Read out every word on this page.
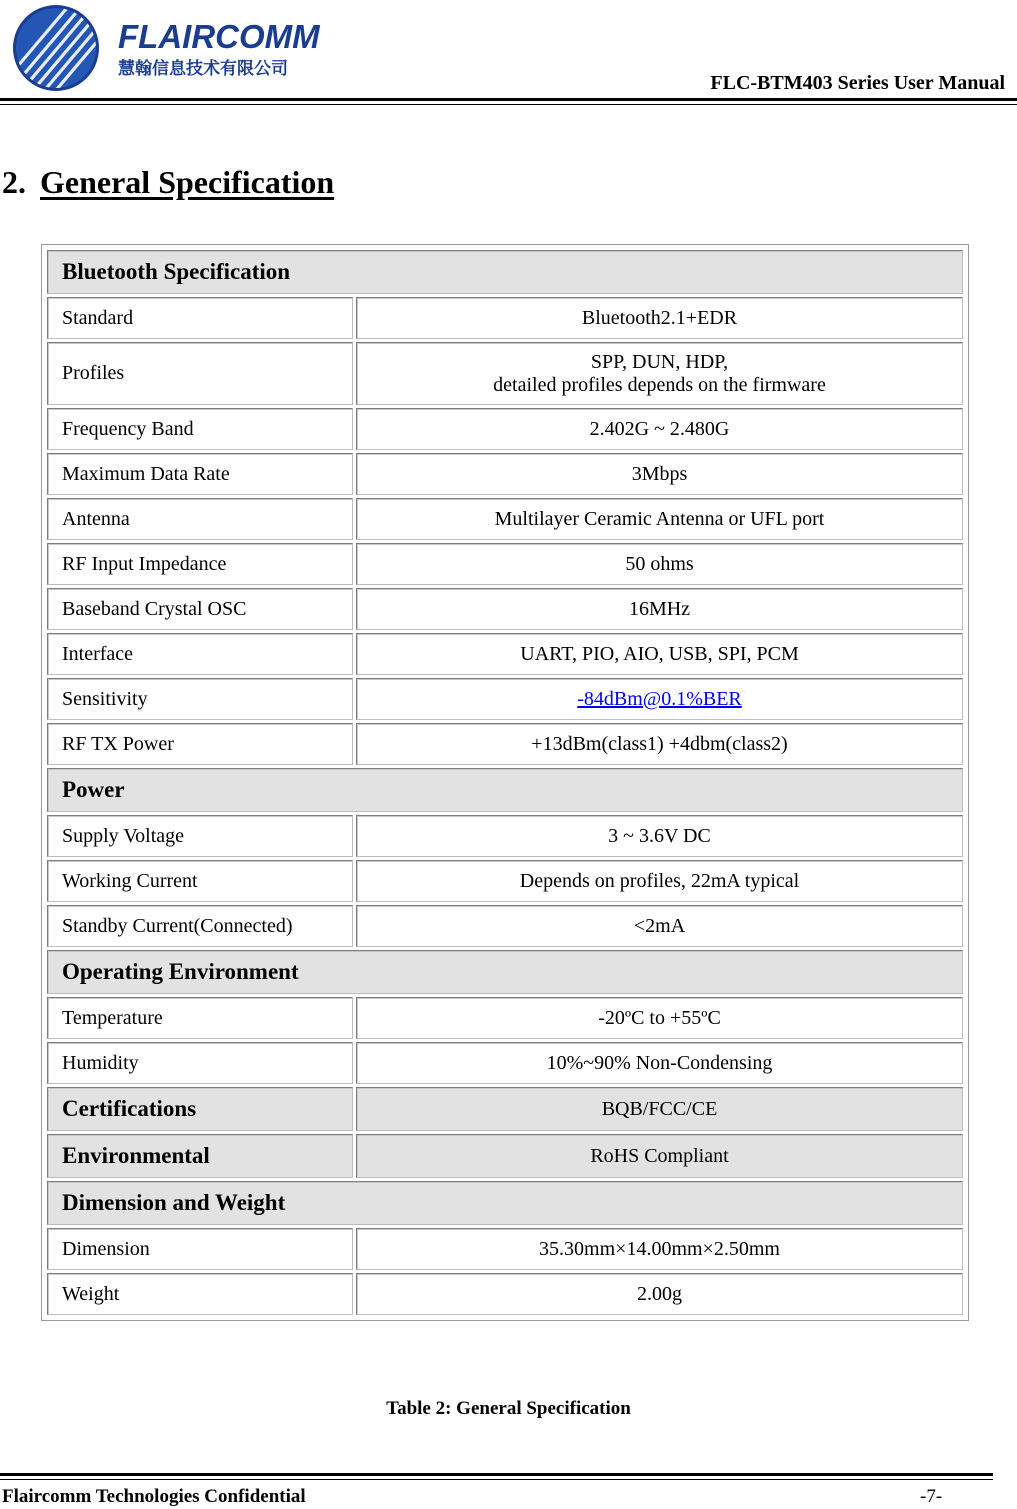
FLAIRCOMM
慧翰信息技术有限公司
FLC-BTM403 Series User Manual
2. General Specification
Bluetooth Specification	
Standard	Bluetooth2.1+EDR
Profiles	SPP, DUN, HDP,
detailed profiles depends on the firmware

Frequency Band	2.402G ~ 2.480G
Maximum Data Rate	3Mbps
Antenna	Multilayer Ceramic Antenna or UFL port
RF Input Impedance	50 ohms
Baseband Crystal OSC	16MHz
Interface	UART, PIO, AIO, USB, SPI, PCM
Sensitivity	-84dBm@0.1%BER
RF TX Power	+13dBm(class1) +4dbm(class2)
Power	
Supply Voltage	3 ~ 3.6V DC
Working Current	Depends on profiles, 22mA typical
Standby Current(Connected)	<2mA
Operating Environment	
Temperature	-20ºC to +55ºC
Humidity	10%~90% Non-Condensing
Certifications	BQB/FCC/CE
Environmental	RoHS Compliant
Dimension and Weight	
Dimension	35.30mm×14.00mm×2.50mm
Weight	2.00g
Table 2: General Specification
Flaircomm Technologies Confidential	-7-
